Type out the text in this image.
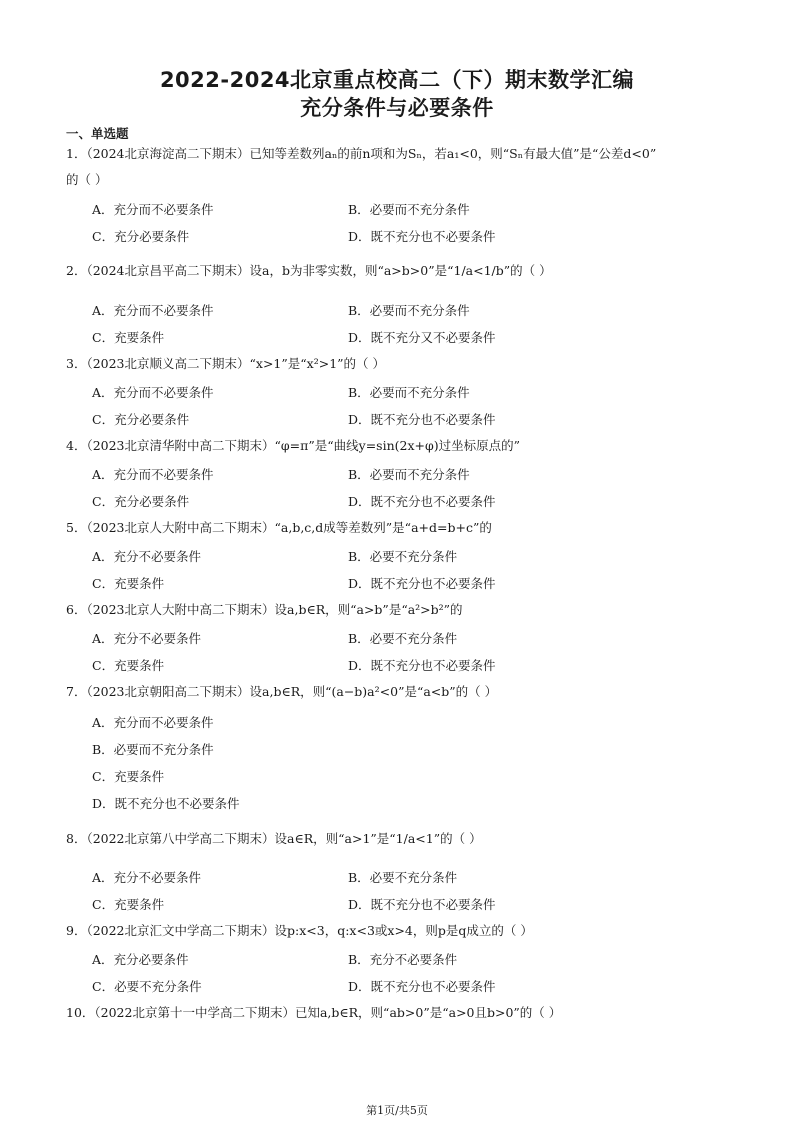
2022-2024北京重点校高二（下）期末数学汇编
充分条件与必要条件
一、单选题
1．（2024北京海淀高二下期末）已知等差数列aₙ的前n项和为Sₙ，若a₁<0，则“Sₙ有最大值”是“公差d<0”
的（ ）
A．充分而不必要条件	B．必要而不充分条件
C．充分必要条件	D．既不充分也不必要条件
2．（2024北京昌平高二下期末）设a，b为非零实数，则“a>b>0”是“1/a<1/b”的（ ）
A．充分而不必要条件	B．必要而不充分条件
C．充要条件	D．既不充分又不必要条件
3．（2023北京顺义高二下期末）“x>1”是“x²>1”的（ ）
A．充分而不必要条件	B．必要而不充分条件
C．充分必要条件	D．既不充分也不必要条件
4．（2023北京清华附中高二下期末）“φ=π”是“曲线y=sin(2x+φ)过坐标原点的”
A．充分而不必要条件	B．必要而不充分条件
C．充分必要条件	D．既不充分也不必要条件
5．（2023北京人大附中高二下期末）“a,b,c,d成等差数列”是“a+d=b+c”的
A．充分不必要条件	B．必要不充分条件
C．充要条件	D．既不充分也不必要条件
6．（2023北京人大附中高二下期末）设a,b∈R，则“a>b”是“a²>b²”的
A．充分不必要条件	B．必要不充分条件
C．充要条件	D．既不充分也不必要条件
7．（2023北京朝阳高二下期末）设a,b∈R，则“(a−b)a²<0”是“a<b”的（ ）
A．充分而不必要条件
B．必要而不充分条件
C．充要条件
D．既不充分也不必要条件
8．（2022北京第八中学高二下期末）设a∈R，则“a>1”是“1/a<1”的（ ）
A．充分不必要条件	B．必要不充分条件
C．充要条件	D．既不充分也不必要条件
9．（2022北京汇文中学高二下期末）设p:x<3，q:x<3或x>4，则p是q成立的（ ）
A．充分必要条件	B．充分不必要条件
C．必要不充分条件	D．既不充分也不必要条件
10．（2022北京第十一中学高二下期末）已知a,b∈R，则“ab>0”是“a>0且b>0”的（ ）
第1页/共5页
